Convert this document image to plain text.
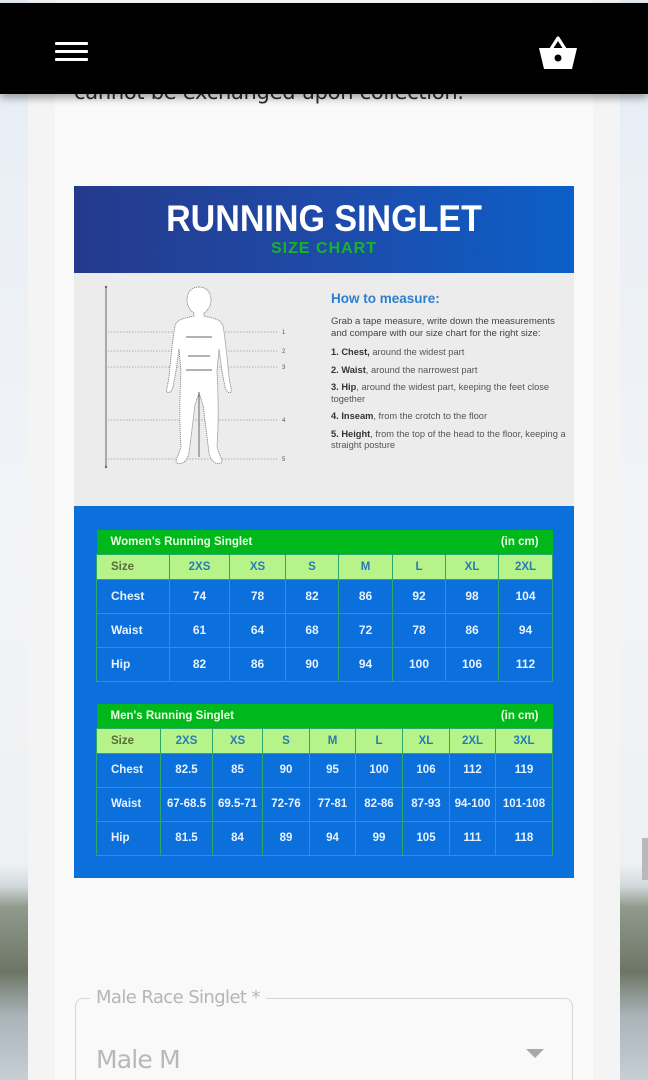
RUNNING SINGLET
SIZE CHART
1
2
3
4
5
How to measure:
Grab a tape measure, write down the measurements and compare with our size chart for the right size:
1. Chest, around the widest part
2. Waist, around the narrowest part
3. Hip, around the widest part, keeping the feet close together
4. Inseam, from the crotch to the floor
5. Height, from the top of the head to the floor, keeping a straight posture
Women's Running Singlet						(in cm)	
Size	2XS	XS	S	M	L	XL	2XL
Chest	74	78	82	86	92	98	104
Waist	61	64	68	72	78	86	94
Hip	82	86	90	94	100	106	112
Men's Running Singlet							(in cm)	
Size	2XS	XS	S	M	L	XL	2XL	3XL
Chest	82.5	85	90	95	100	106	112	119
Waist	67-68.5	69.5-71	72-76	77-81	82-86	87-93	94-100	101-108
Hip	81.5	84	89	94	99	105	111	118
Male Race Singlet *
Male M
